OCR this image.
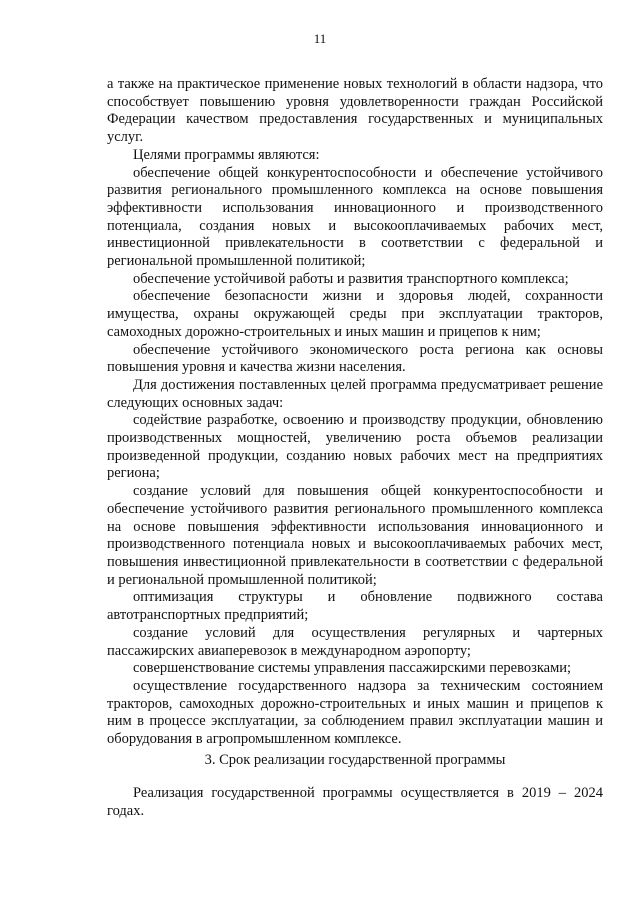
11

а также на практическое применение новых технологий в области надзора, что способствует повышению уровня удовлетворенности граждан Российской Федерации качеством предоставления государственных и муниципальных услуг.

Целями программы являются:

обеспечение общей конкурентоспособности и обеспечение устойчивого развития регионального промышленного комплекса на основе повышения эффективности использования инновационного и производственного потенциала, создания новых и высокооплачиваемых рабочих мест, инвестиционной привлекательности в соответствии с федеральной и региональной промышленной политикой;

обеспечение устойчивой работы и развития транспортного комплекса;

обеспечение безопасности жизни и здоровья людей, сохранности имущества, охраны окружающей среды при эксплуатации тракторов, самоходных дорожно-строительных и иных машин и прицепов к ним;

обеспечение устойчивого экономического роста региона как основы повышения уровня и качества жизни населения.

Для достижения поставленных целей программа предусматривает решение следующих основных задач:

содействие разработке, освоению и производству продукции, обновлению производственных мощностей, увеличению роста объемов реализации произведенной продукции, созданию новых рабочих мест на предприятиях региона;

создание условий для повышения общей конкурентоспособности и обеспечение устойчивого развития регионального промышленного комплекса на основе повышения эффективности использования инновационного и производственного потенциала новых и высокооплачиваемых рабочих мест, повышения инвестиционной привлекательности в соответствии с федеральной и региональной промышленной политикой;

оптимизация структуры и обновление подвижного состава автотранспортных предприятий;

создание условий для осуществления регулярных и чартерных пассажирских авиаперевозок в международном аэропорту;

совершенствование системы управления пассажирскими перевозками;

осуществление государственного надзора за техническим состоянием тракторов, самоходных дорожно-строительных и иных машин и прицепов к ним в процессе эксплуатации, за соблюдением правил эксплуатации машин и оборудования в агропромышленном комплексе.

3. Срок реализации государственной программы

Реализация государственной программы осуществляется в 2019 – 2024 годах.
